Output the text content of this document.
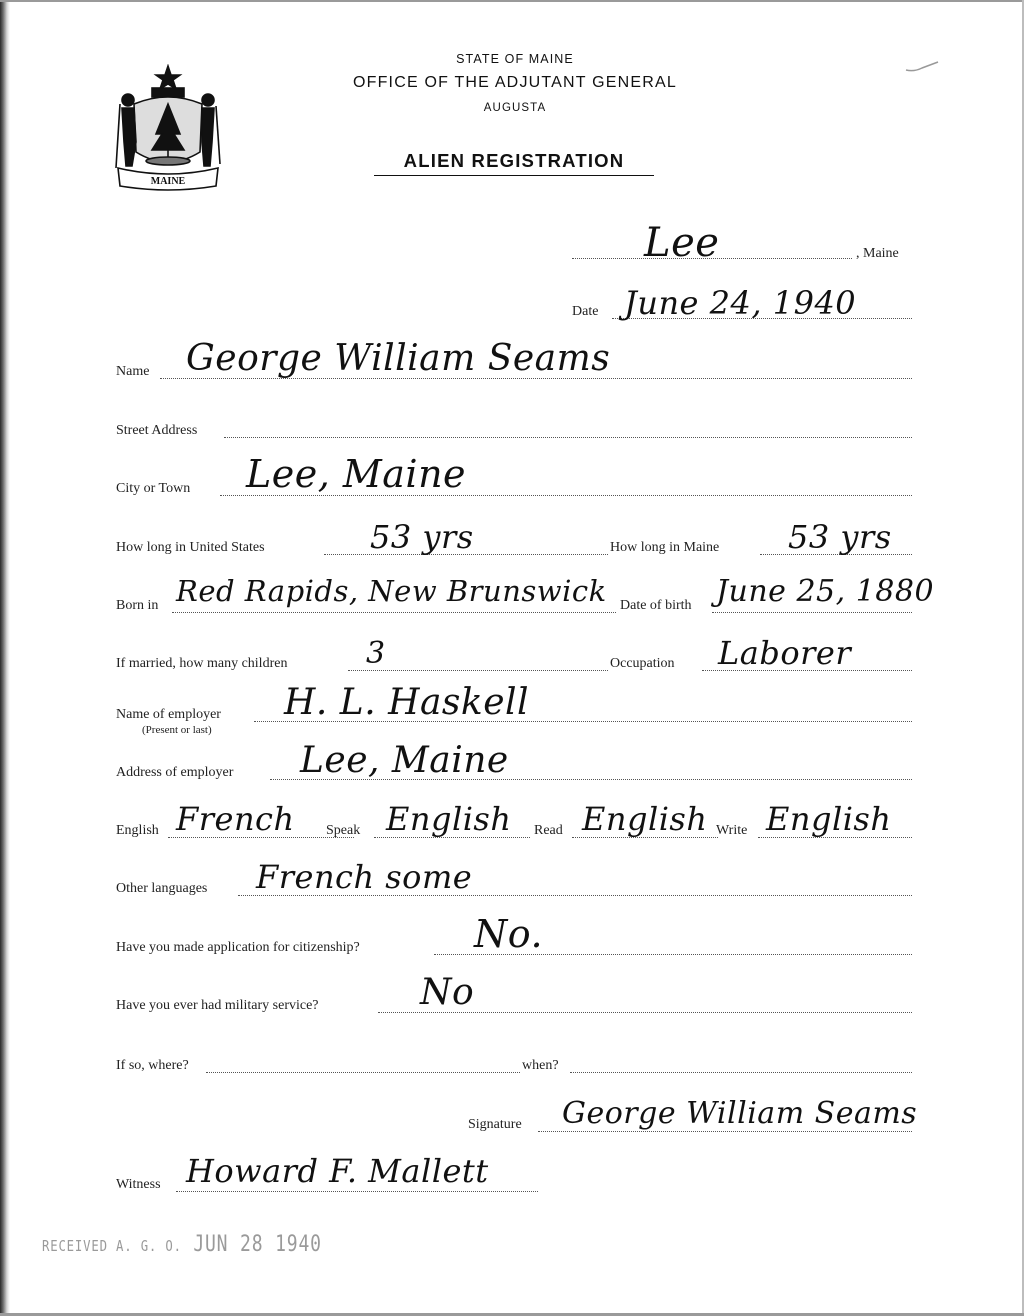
MAINE
STATE OF MAINE
OFFICE OF THE ADJUTANT GENERAL
AUGUSTA
ALIEN REGISTRATION
Lee	, Maine
Date June 24, 1940
Name George William Seams
Street Address
City or Town Lee, Maine
How long in United States	53 yrs	How long in Maine 53 yrs
Born in Red Rapids, New Brunswick Date of birth June 25, 1880
If married, how many children	3	Occupation Laborer
Name of employer
(Present or last)
H. L. Haskell
Address of employer Lee, Maine
English French Speak English Read English Write English
Other languages French some
Have you made application for citizenship?	No.
Have you ever had military service?	No
If so, where?	when?
Signature George William Seams
Witness Howard F. Mallett
RECEIVED A. G. O. JUN 28 1940
